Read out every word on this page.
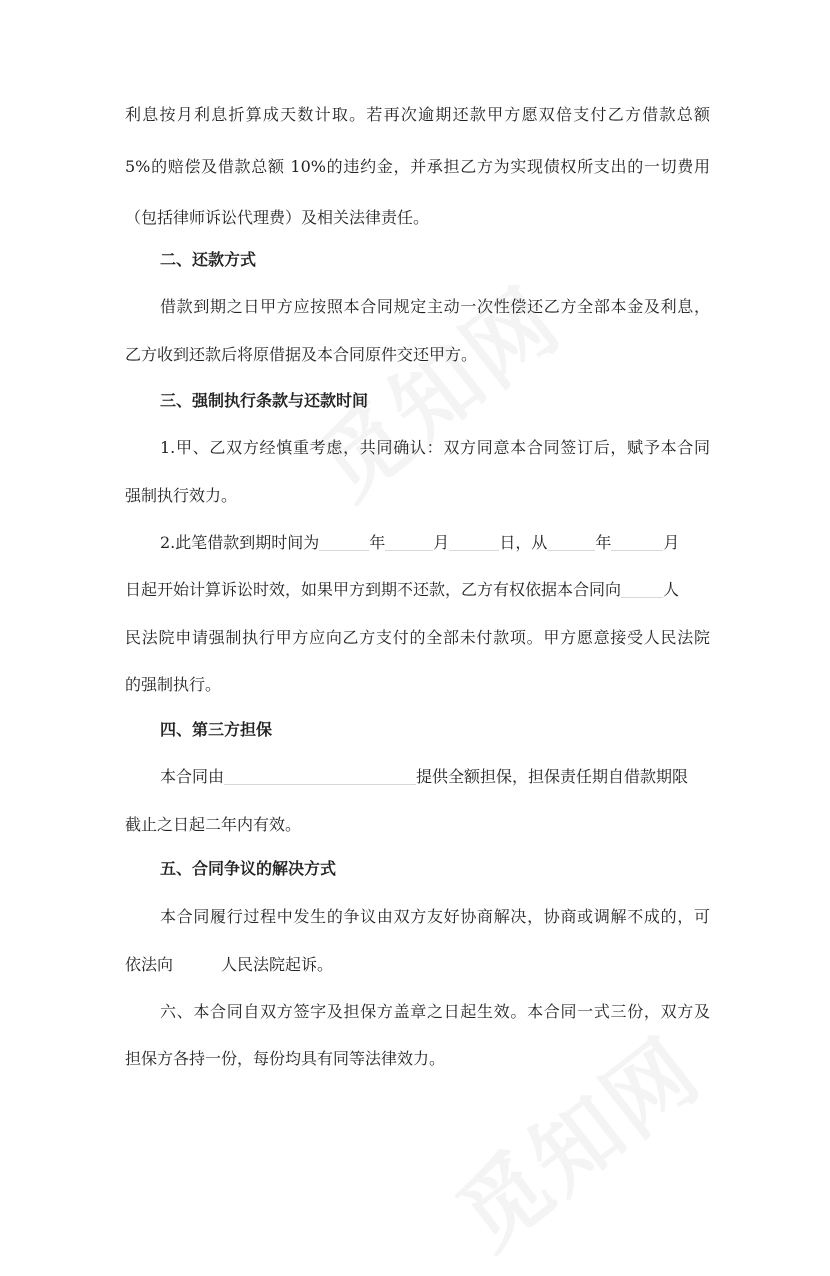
利息按月利息折算成天数计取。若再次逾期还款甲方愿双倍支付乙方借款总额
5%的赔偿及借款总额 10%的违约金，并承担乙方为实现债权所支出的一切费用
（包括律师诉讼代理费）及相关法律责任。
二、还款方式
借款到期之日甲方应按照本合同规定主动一次性偿还乙方全部本金及利息，
乙方收到还款后将原借据及本合同原件交还甲方。
三、强制执行条款与还款时间
1.甲、乙双方经慎重考虑，共同确认：双方同意本合同签订后，赋予本合同
强制执行效力。
2.此笔借款到期时间为	年	月	日，从	年	月
日起开始计算诉讼时效，如果甲方到期不还款，乙方有权依据本合同向	人
民法院申请强制执行甲方应向乙方支付的全部未付款项。甲方愿意接受人民法院
的强制执行。
四、第三方担保
本合同由	提供全额担保，担保责任期自借款期限
截止之日起二年内有效。
五、合同争议的解决方式
本合同履行过程中发生的争议由双方友好协商解决，协商或调解不成的，可
依法向	人民法院起诉。
六、本合同自双方签字及担保方盖章之日起生效。本合同一式三份，双方及
担保方各持一份，每份均具有同等法律效力。
